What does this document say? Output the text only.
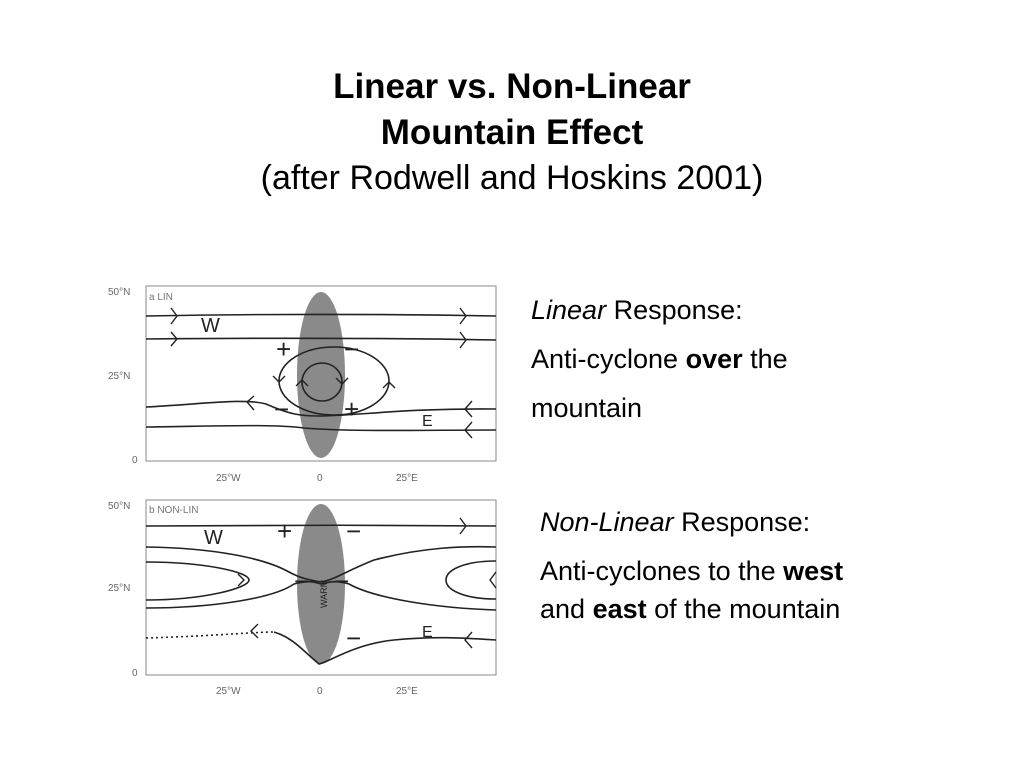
Linear vs. Non-Linear
Mountain Effect
(after Rodwell and Hoskins 2001)
50°N
25°N
0
25°W	0	25°E
a LIN
W
E
+ −
− +
50°N
25°N
0
25°W	0	25°E
b NON-LIN
WARM
W
E
+ −
− −
−
Linear Response:
Anti-cyclone over the
mountain
Non-Linear Response:
Anti-cyclones to the west
and east of the mountain
